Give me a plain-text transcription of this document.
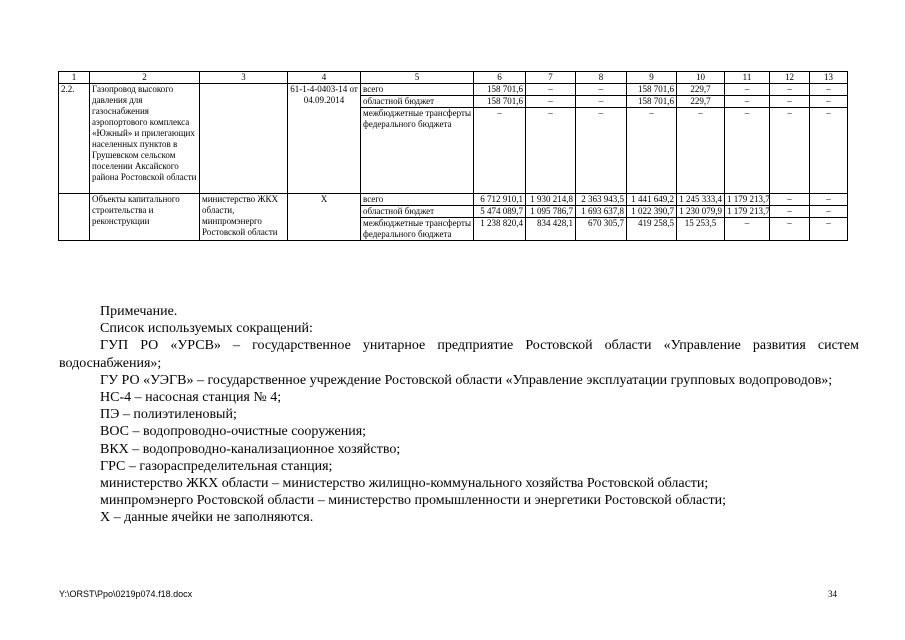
1	2	3	4	5	6	7	8	9	10	11	12	13
2.2.	Газопровод высокого давления для газоснабжения аэропортового комплекса «Южный» и прилегающих населенных пунктов в Грушевском сельском поселении Аксайского района Ростовской области		61-1-4-0403-14 от 04.09.2014	всего	158 701,6	–	–	158 701,6	229,7	–	–	–
				областной бюджет	158 701,6	–	–	158 701,6	229,7	–	–	–
				межбюджетные трансферты федерального бюджета	–	–	–	–	–	–	–	–
	Объекты капитального строительства и реконструкции	министерство ЖКХ области, минпромэнерго Ростовской области	Х	всего	6 712 910,1	1 930 214,8	2 363 943,5	1 441 649,2	1 245 333,4	1 179 213,7	–	–
				областной бюджет	5 474 089,7	1 095 786,7	1 693 637,8	1 022 390,7	1 230 079,9	1 179 213,7	–	–
				межбюджетные трансферты федерального бюджета	1 238 820,4	834 428,1	670 305,7	419 258,5	15 253,5	–	–	–

Примечание.

Список используемых сокращений:

ГУП РО «УРСВ» – государственное унитарное предприятие Ростовской области «Управление развития систем водоснабжения»;

ГУ РО «УЭГВ» – государственное учреждение Ростовской области «Управление эксплуатации групповых водопроводов»;

НС-4 – насосная станция № 4;

ПЭ – полиэтиленовый;

ВОС – водопроводно-очистные сооружения;

ВКХ – водопроводно-канализационное хозяйство;

ГРС – газораспределительная станция;

министерство ЖКХ области – министерство жилищно-коммунального хозяйства Ростовской области;

минпромэнерго Ростовской области – министерство промышленности и энергетики Ростовской области;

Х – данные ячейки не заполняются.

Y:\ORST\Ppo\0219p074.f18.docx	34
